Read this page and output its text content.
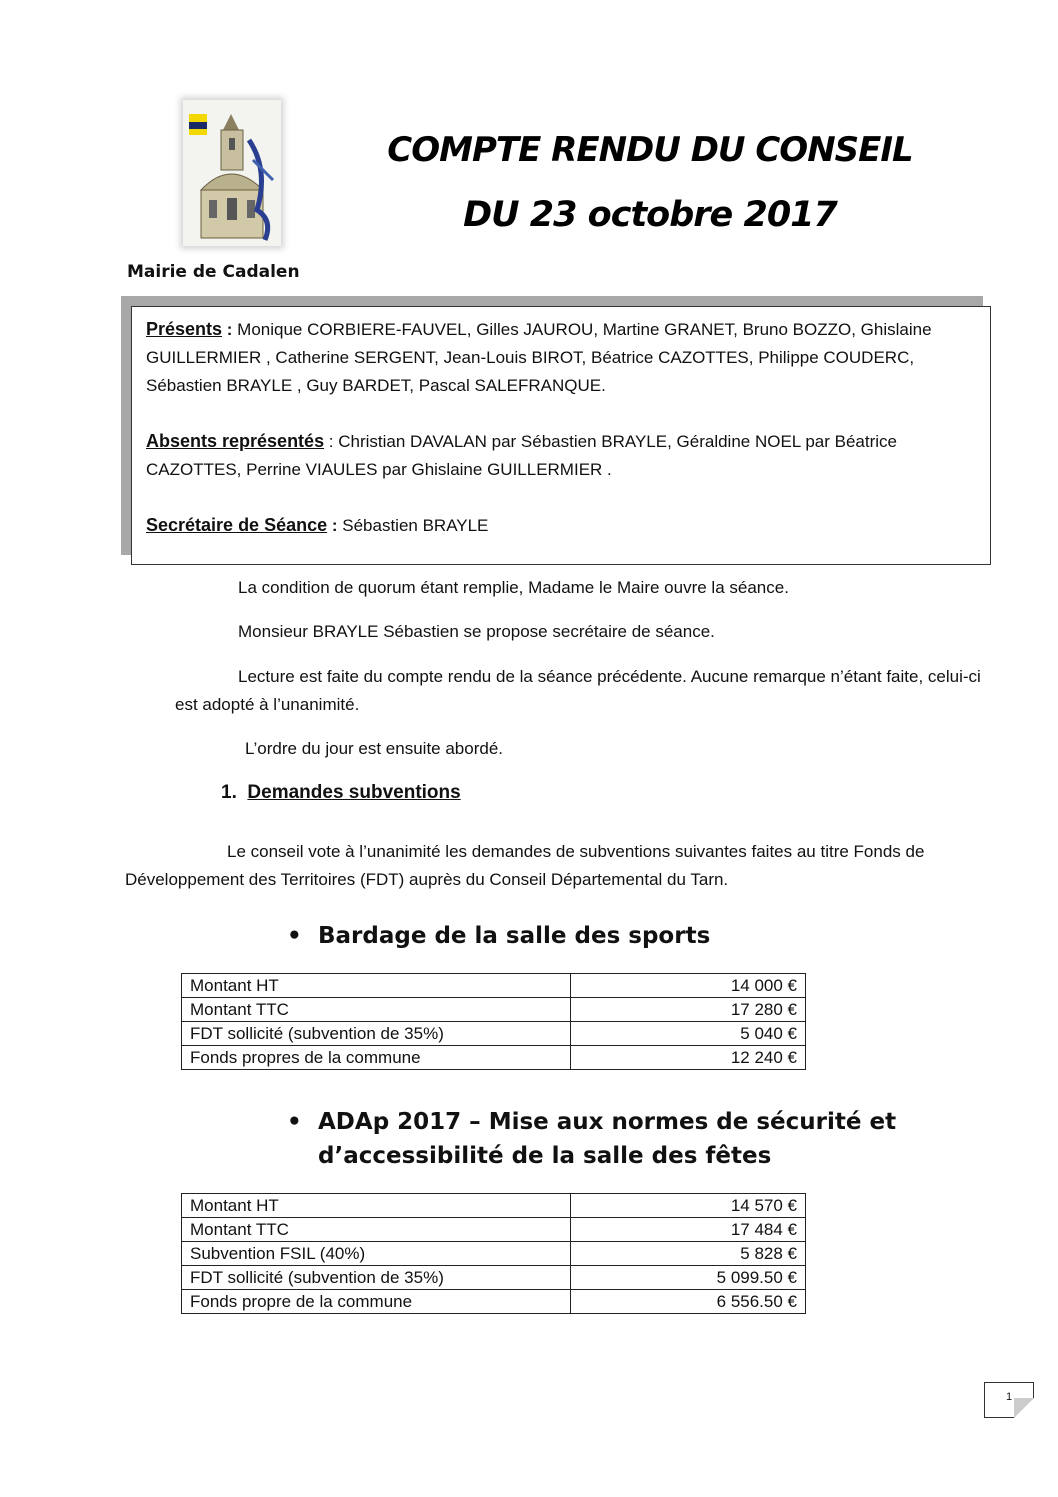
COMPTE RENDU DU CONSEIL
DU 23 octobre 2017
Mairie de Cadalen

Présents : Monique CORBIERE-FAUVEL, Gilles JAUROU, Martine GRANET, Bruno BOZZO, Ghislaine GUILLERMIER , Catherine SERGENT, Jean-Louis BIROT, Béatrice CAZOTTES, Philippe COUDERC, Sébastien BRAYLE , Guy BARDET, Pascal SALEFRANQUE.

Absents représentés : Christian DAVALAN par Sébastien BRAYLE, Géraldine NOEL par Béatrice CAZOTTES, Perrine VIAULES par Ghislaine GUILLERMIER .

Secrétaire de Séance : Sébastien BRAYLE

La condition de quorum étant remplie, Madame le Maire ouvre la séance.

Monsieur BRAYLE Sébastien se propose secrétaire de séance.

Lecture est faite du compte rendu de la séance précédente. Aucune remarque n’étant faite, celui-ci est adopté à l’unanimité.

L’ordre du jour est ensuite abordé.

1. Demandes subventions

Le conseil vote à l’unanimité les demandes de subventions suivantes faites au titre Fonds de Développement des Territoires (FDT) auprès du Conseil Départemental du Tarn.

• Bardage de la salle des sports
Montant HT	14 000 €
Montant TTC	17 280 €
FDT sollicité (subvention de 35%)	5 040 €
Fonds propres de la commune	12 240 €
• ADAp 2017 – Mise aux normes de sécurité et d’accessibilité de la salle des fêtes
Montant HT	14 570 €
Montant TTC	17 484 €
Subvention FSIL (40%)	5 828 €
FDT sollicité (subvention de 35%)	5 099.50 €
Fonds propre de la commune	6 556.50 €
1
